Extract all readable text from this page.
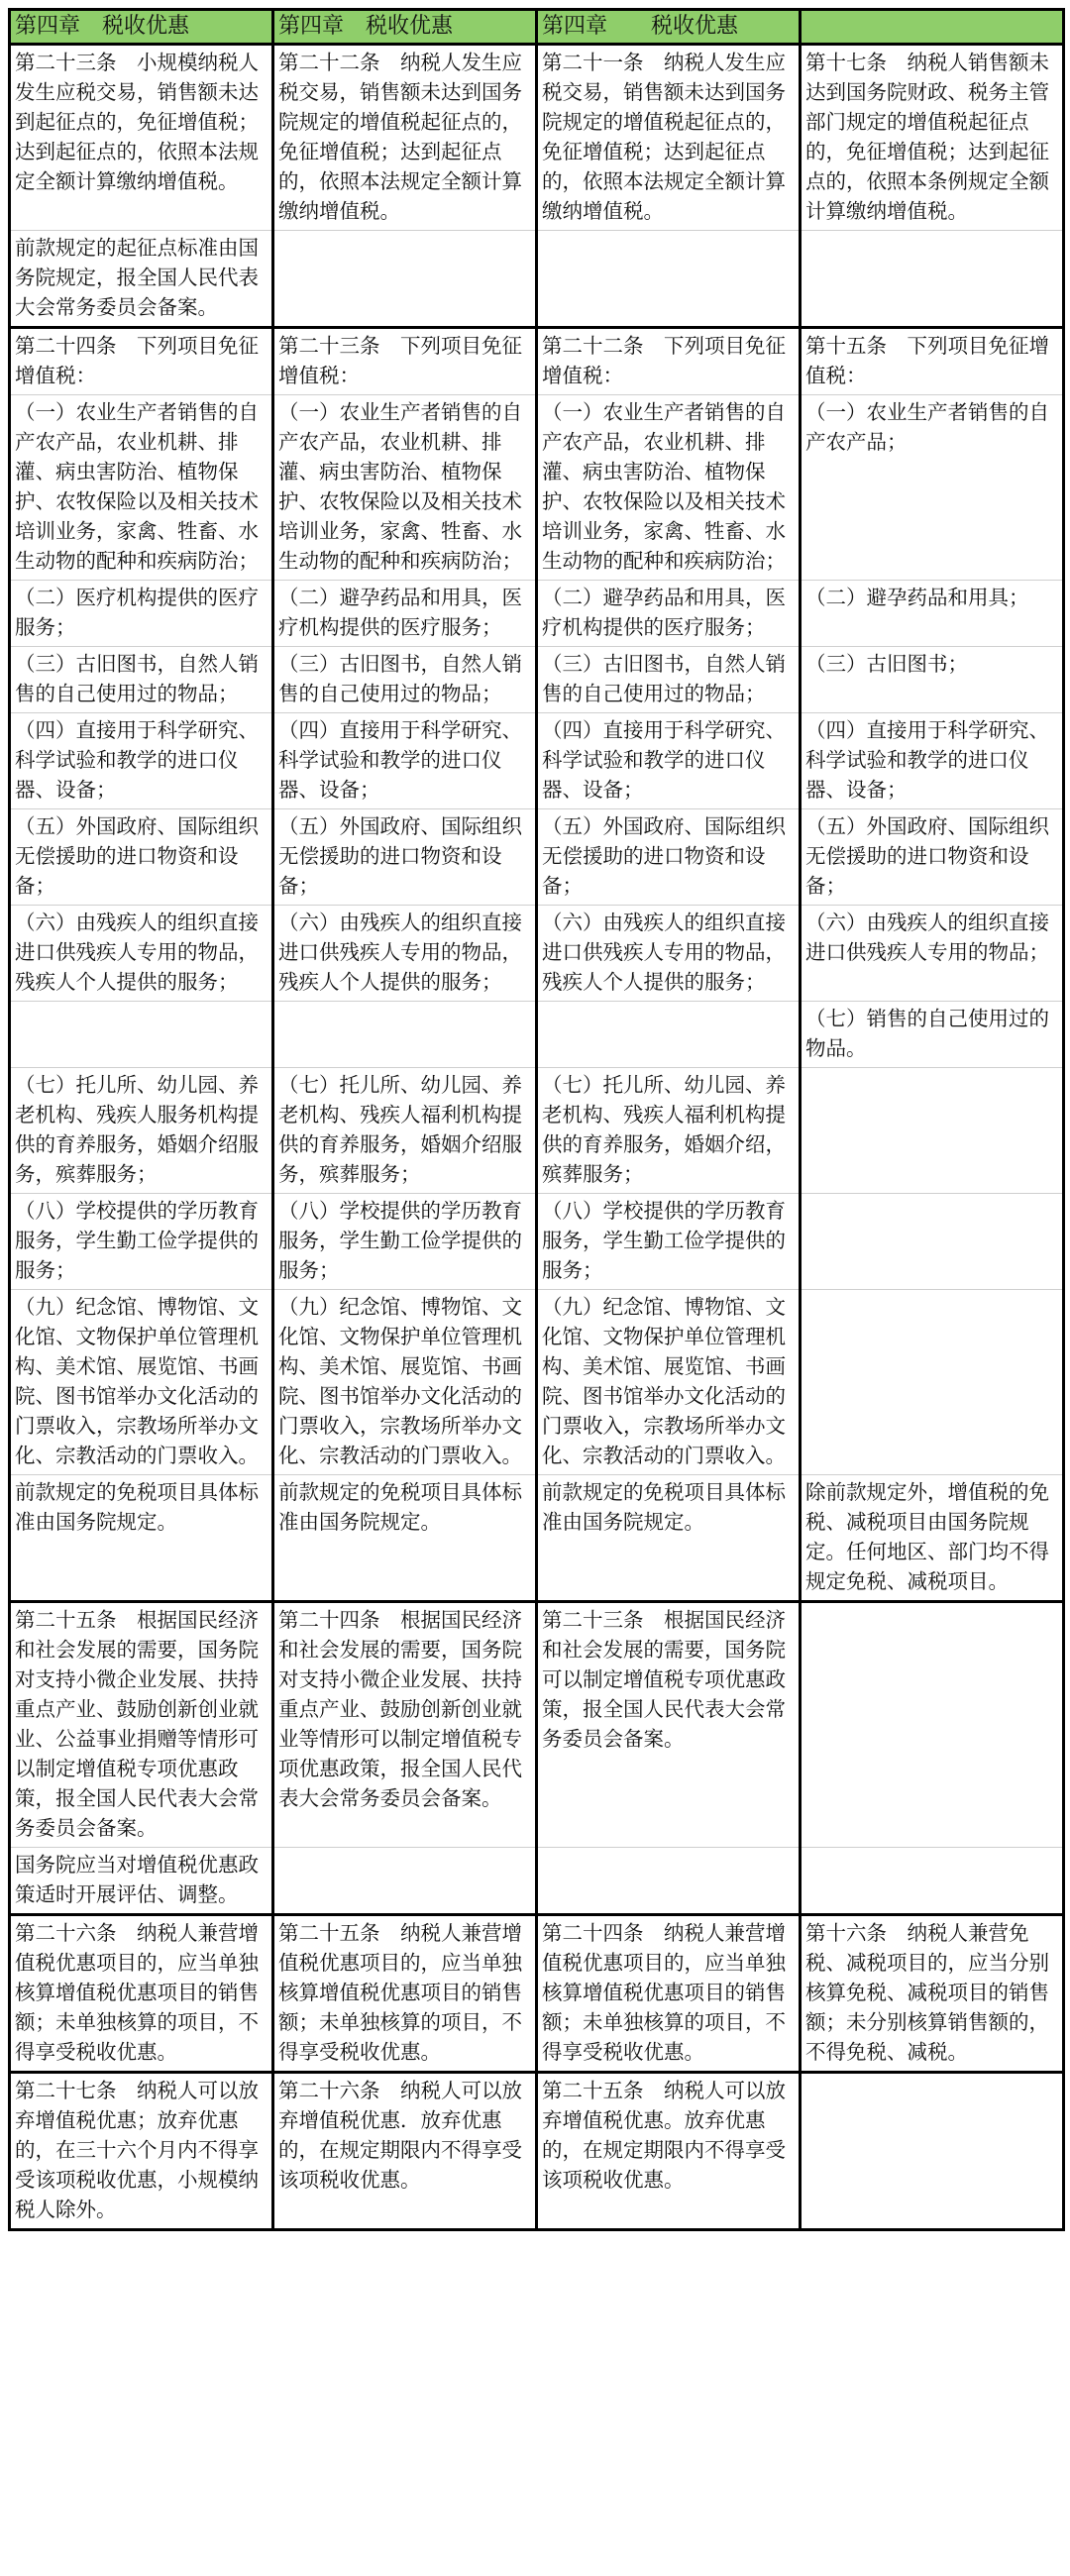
第四章　税收优惠	第四章　税收优惠	第四章　　税收优惠	

第二十三条　小规模纳税人发生应税交易，销售额未达到起征点的，免征增值税；达到起征点的，依照本法规定全额计算缴纳增值税。	第二十二条　纳税人发生应税交易，销售额未达到国务院规定的增值税起征点的，免征增值税；达到起征点的，依照本法规定全额计算缴纳增值税。	第二十一条　纳税人发生应税交易，销售额未达到国务院规定的增值税起征点的，免征增值税；达到起征点的，依照本法规定全额计算缴纳增值税。	第十七条　纳税人销售额未达到国务院财政、税务主管部门规定的增值税起征点的，免征增值税；达到起征点的，依照本条例规定全额计算缴纳增值税。

前款规定的起征点标准由国务院规定，报全国人民代表大会常务委员会备案。			

第二十四条　下列项目免征增值税：	第二十三条　下列项目免征增值税：	第二十二条　下列项目免征增值税：	第十五条　下列项目免征增值税：

（一）农业生产者销售的自产农产品，农业机耕、排灌、病虫害防治、植物保护、农牧保险以及相关技术培训业务，家禽、牲畜、水生动物的配种和疾病防治；	（一）农业生产者销售的自产农产品，农业机耕、排灌、病虫害防治、植物保护、农牧保险以及相关技术培训业务，家禽、牲畜、水生动物的配种和疾病防治；	（一）农业生产者销售的自产农产品，农业机耕、排灌、病虫害防治、植物保护、农牧保险以及相关技术培训业务，家禽、牲畜、水生动物的配种和疾病防治；	（一）农业生产者销售的自产农产品；

（二）医疗机构提供的医疗服务；	（二）避孕药品和用具，医疗机构提供的医疗服务；	（二）避孕药品和用具，医疗机构提供的医疗服务；	（二）避孕药品和用具；

（三）古旧图书，自然人销售的自己使用过的物品；	（三）古旧图书，自然人销售的自己使用过的物品；	（三）古旧图书，自然人销售的自己使用过的物品；	（三）古旧图书；

（四）直接用于科学研究、科学试验和教学的进口仪器、设备；	（四）直接用于科学研究、科学试验和教学的进口仪器、设备；	（四）直接用于科学研究、科学试验和教学的进口仪器、设备；	（四）直接用于科学研究、科学试验和教学的进口仪器、设备；

（五）外国政府、国际组织无偿援助的进口物资和设备；	（五）外国政府、国际组织无偿援助的进口物资和设备；	（五）外国政府、国际组织无偿援助的进口物资和设备；	（五）外国政府、国际组织无偿援助的进口物资和设备；

（六）由残疾人的组织直接进口供残疾人专用的物品，残疾人个人提供的服务；	（六）由残疾人的组织直接进口供残疾人专用的物品，残疾人个人提供的服务；	（六）由残疾人的组织直接进口供残疾人专用的物品，残疾人个人提供的服务；	（六）由残疾人的组织直接进口供残疾人专用的物品；

			（七）销售的自己使用过的物品。

（七）托儿所、幼儿园、养老机构、残疾人服务机构提供的育养服务，婚姻介绍服务，殡葬服务；	（七）托儿所、幼儿园、养老机构、残疾人福利机构提供的育养服务，婚姻介绍服务，殡葬服务；	（七）托儿所、幼儿园、养老机构、残疾人福利机构提供的育养服务，婚姻介绍，殡葬服务；	

（八）学校提供的学历教育服务，学生勤工俭学提供的服务；	（八）学校提供的学历教育服务，学生勤工俭学提供的服务；	（八）学校提供的学历教育服务，学生勤工俭学提供的服务；	

（九）纪念馆、博物馆、文化馆、文物保护单位管理机构、美术馆、展览馆、书画院、图书馆举办文化活动的门票收入，宗教场所举办文化、宗教活动的门票收入。	（九）纪念馆、博物馆、文化馆、文物保护单位管理机构、美术馆、展览馆、书画院、图书馆举办文化活动的门票收入，宗教场所举办文化、宗教活动的门票收入。	（九）纪念馆、博物馆、文化馆、文物保护单位管理机构、美术馆、展览馆、书画院、图书馆举办文化活动的门票收入，宗教场所举办文化、宗教活动的门票收入。	

前款规定的免税项目具体标准由国务院规定。	前款规定的免税项目具体标准由国务院规定。	前款规定的免税项目具体标准由国务院规定。	除前款规定外，增值税的免税、减税项目由国务院规定。任何地区、部门均不得规定免税、减税项目。

第二十五条　根据国民经济和社会发展的需要，国务院对支持小微企业发展、扶持重点产业、鼓励创新创业就业、公益事业捐赠等情形可以制定增值税专项优惠政策，报全国人民代表大会常务委员会备案。	第二十四条　根据国民经济和社会发展的需要，国务院对支持小微企业发展、扶持重点产业、鼓励创新创业就业等情形可以制定增值税专项优惠政策，报全国人民代表大会常务委员会备案。	第二十三条　根据国民经济和社会发展的需要，国务院可以制定增值税专项优惠政策，报全国人民代表大会常务委员会备案。	

国务院应当对增值税优惠政策适时开展评估、调整。			

第二十六条　纳税人兼营增值税优惠项目的，应当单独核算增值税优惠项目的销售额；未单独核算的项目，不得享受税收优惠。	第二十五条　纳税人兼营增值税优惠项目的，应当单独核算增值税优惠项目的销售额；未单独核算的项目，不得享受税收优惠。	第二十四条　纳税人兼营增值税优惠项目的，应当单独核算增值税优惠项目的销售额；未单独核算的项目，不得享受税收优惠。	第十六条　纳税人兼营免税、减税项目的，应当分别核算免税、减税项目的销售额；未分别核算销售额的，不得免税、减税。

第二十七条　纳税人可以放弃增值税优惠；放弃优惠的，在三十六个月内不得享受该项税收优惠，小规模纳税人除外。	第二十六条　纳税人可以放弃增值税优惠．放弃优惠的，在规定期限内不得享受该项税收优惠。	第二十五条　纳税人可以放弃增值税优惠。放弃优惠的，在规定期限内不得享受该项税收优惠。	
